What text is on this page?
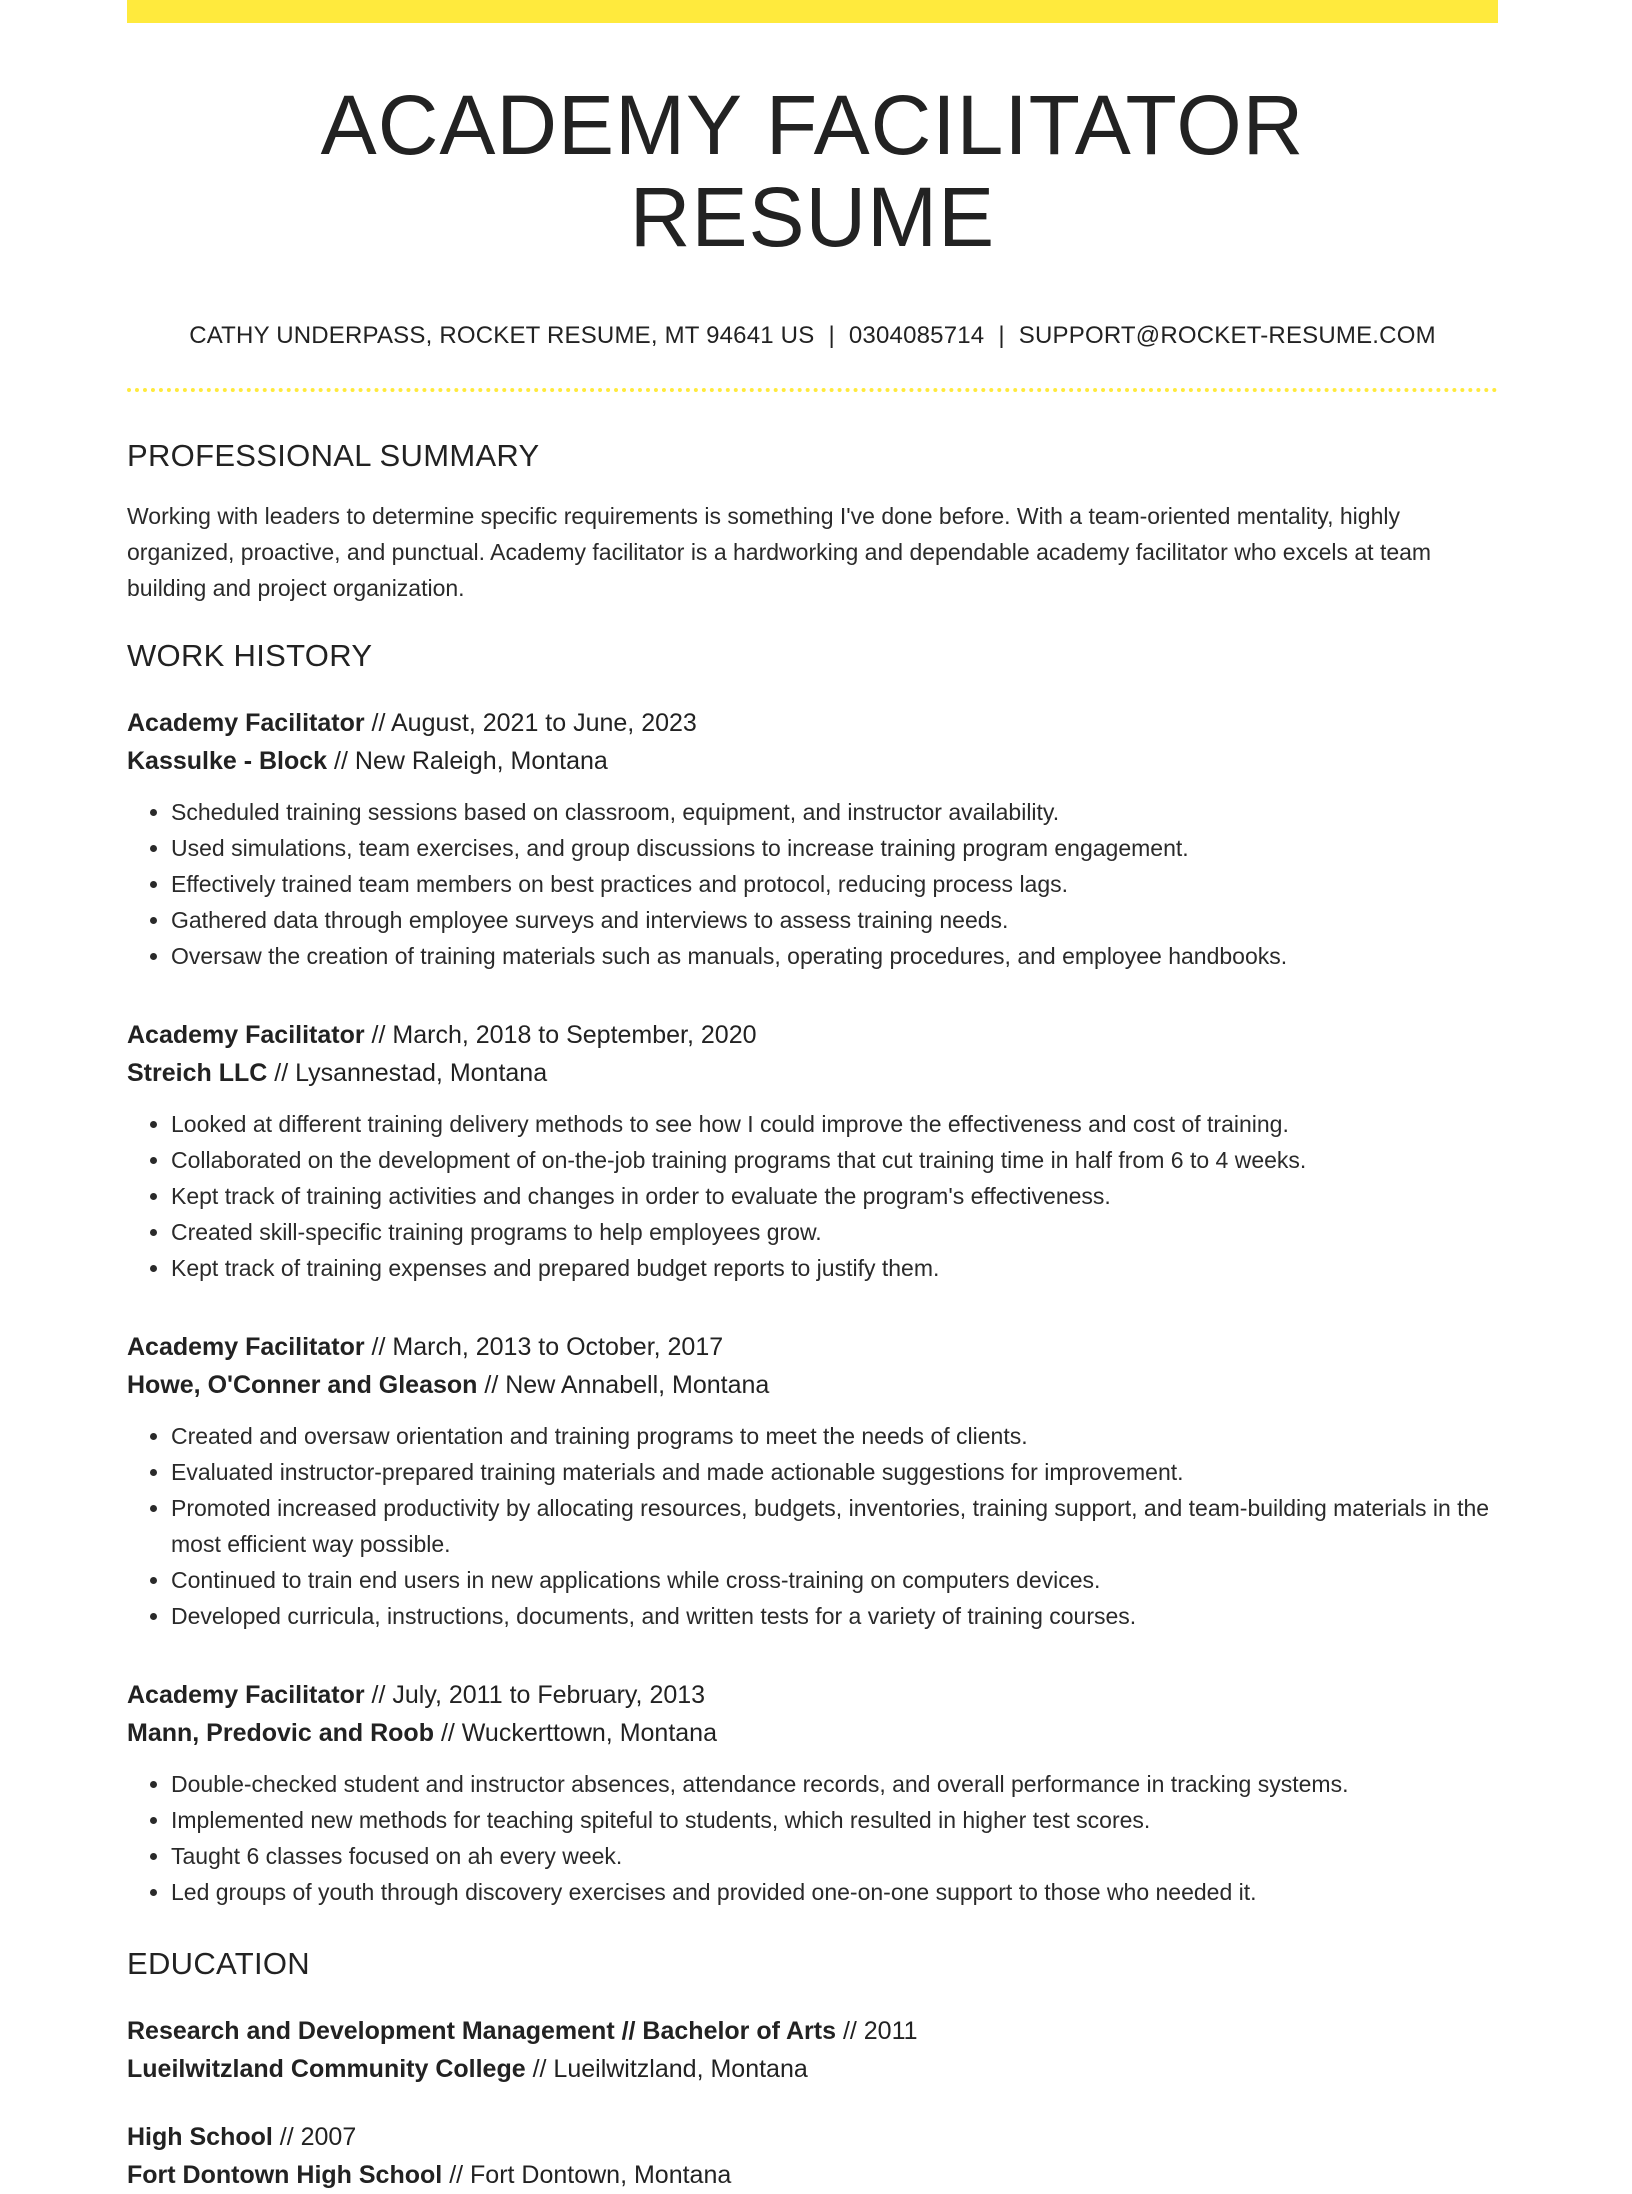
ACADEMY FACILITATOR RESUME
CATHY UNDERPASS, ROCKET RESUME, MT 94641 US | 0304085714 | SUPPORT@ROCKET-RESUME.COM
PROFESSIONAL SUMMARY
Working with leaders to determine specific requirements is something I've done before. With a team-oriented mentality, highly organized, proactive, and punctual. Academy facilitator is a hardworking and dependable academy facilitator who excels at team building and project organization.
WORK HISTORY
Academy Facilitator // August, 2021 to June, 2023
Kassulke - Block // New Raleigh, Montana
• Scheduled training sessions based on classroom, equipment, and instructor availability.
• Used simulations, team exercises, and group discussions to increase training program engagement.
• Effectively trained team members on best practices and protocol, reducing process lags.
• Gathered data through employee surveys and interviews to assess training needs.
• Oversaw the creation of training materials such as manuals, operating procedures, and employee handbooks.
Academy Facilitator // March, 2018 to September, 2020
Streich LLC // Lysannestad, Montana
• Looked at different training delivery methods to see how I could improve the effectiveness and cost of training.
• Collaborated on the development of on-the-job training programs that cut training time in half from 6 to 4 weeks.
• Kept track of training activities and changes in order to evaluate the program's effectiveness.
• Created skill-specific training programs to help employees grow.
• Kept track of training expenses and prepared budget reports to justify them.
Academy Facilitator // March, 2013 to October, 2017
Howe, O'Conner and Gleason // New Annabell, Montana
• Created and oversaw orientation and training programs to meet the needs of clients.
• Evaluated instructor-prepared training materials and made actionable suggestions for improvement.
• Promoted increased productivity by allocating resources, budgets, inventories, training support, and team-building materials in the most efficient way possible.
• Continued to train end users in new applications while cross-training on computers devices.
• Developed curricula, instructions, documents, and written tests for a variety of training courses.
Academy Facilitator // July, 2011 to February, 2013
Mann, Predovic and Roob // Wuckerttown, Montana
• Double-checked student and instructor absences, attendance records, and overall performance in tracking systems.
• Implemented new methods for teaching spiteful to students, which resulted in higher test scores.
• Taught 6 classes focused on ah every week.
• Led groups of youth through discovery exercises and provided one-on-one support to those who needed it.
EDUCATION
Research and Development Management // Bachelor of Arts // 2011
Lueilwitzland Community College // Lueilwitzland, Montana
High School // 2007
Fort Dontown High School // Fort Dontown, Montana
